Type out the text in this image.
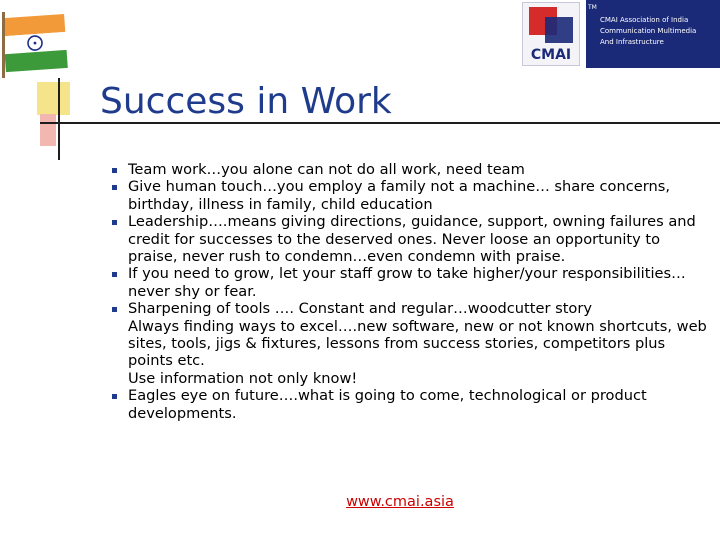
CMAI
TM
CMAI Association of India
Communication Multimedia
And Infrastructure
Success in Work
Team work…you alone can not do all work, need team
Give human touch…you employ a family not a machine… share concerns, birthday, illness in family, child education
Leadership….means giving directions, guidance, support, owning failures and credit for successes to the deserved ones. Never loose an opportunity to praise, never rush to condemn…even condemn with praise.
If you need to grow, let your staff grow to take higher/your responsibilities…never shy or fear.
Sharpening of tools …. Constant and regular…woodcutter story
Always finding ways to excel….new software, new or not known shortcuts, web sites, tools, jigs & fixtures, lessons from success stories, competitors plus points etc.
Use information not only know!
Eagles eye on future….what is going to come, technological or product developments.
www.cmai.asia
